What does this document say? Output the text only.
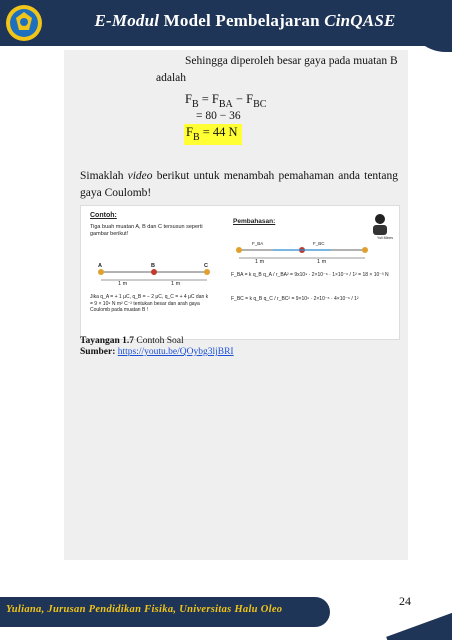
E-Modul Model Pembelajaran CinQASE
Sehingga diperoleh besar gaya pada muatan B
adalah
$F_B = F_{BA} - F_{BC}$
= 80 − 36
$F_B = 44$ N
Simaklah video berikut untuk menambah pemahaman anda tentang gaya Coulomb!
Contoh:
Tiga buah muatan A, B dan C tersusun seperti gambar berikut!
A	B	C
1 m	1 m
Jika q_A = + 1 μC, q_B = − 2 μC, q_C = + 4 μC dan k = 9 × 10⁹ N m² C⁻² tentukan besar dan arah gaya Coulomb pada muatan B !
Pembahasan:
Yuli Mines
F_BA	F_BC
1 m	1 m
F_BA = k q_B q_A / r_BA² = 9x10⁹ · 2×10⁻⁶ · 1×10⁻⁶ / 1² = 18 × 10⁻³ N
F_BC = k q_B q_C / r_BC² = 9×10⁹ · 2×10⁻⁶ · 4×10⁻⁶ / 1²
Tayangan 1.7 Contoh Soal
Sumber: https://youtu.be/QOybg3ljBRI
24
Yuliana, Jurusan Pendidikan Fisika, Universitas Halu Oleo
